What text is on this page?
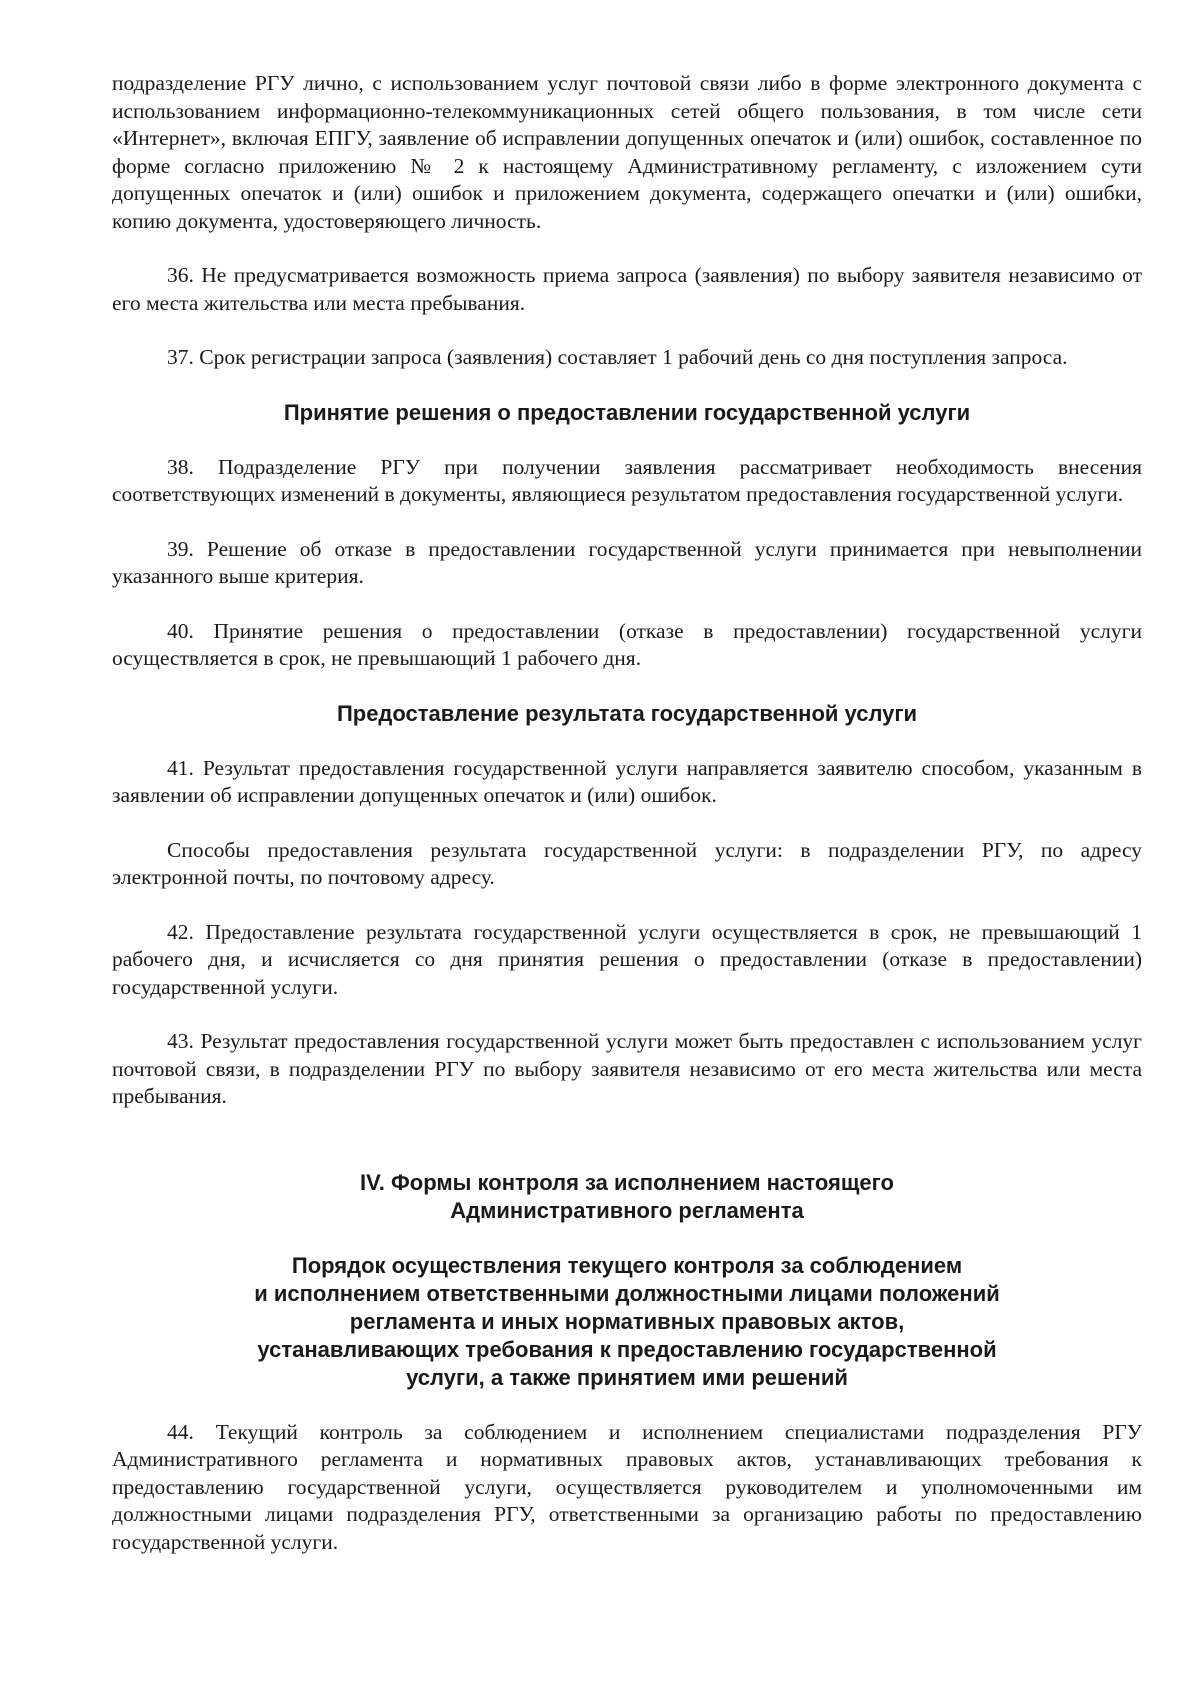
подразделение РГУ лично, с использованием услуг почтовой связи либо в форме электронного документа с использованием информационно-телекоммуникационных сетей общего пользования, в том числе сети «Интернет», включая ЕПГУ, заявление об исправлении допущенных опечаток и (или) ошибок, составленное по форме согласно приложению № 2 к настоящему Административному регламенту, с изложением сути допущенных опечаток и (или) ошибок и приложением документа, содержащего опечатки и (или) ошибки, копию документа, удостоверяющего личность.

36. Не предусматривается возможность приема запроса (заявления) по выбору заявителя независимо от его места жительства или места пребывания.

37. Срок регистрации запроса (заявления) составляет 1 рабочий день со дня поступления запроса.

Принятие решения о предоставлении государственной услуги

38. Подразделение РГУ при получении заявления рассматривает необходимость внесения соответствующих изменений в документы, являющиеся результатом предоставления государственной услуги.

39. Решение об отказе в предоставлении государственной услуги принимается при невыполнении указанного выше критерия.

40. Принятие решения о предоставлении (отказе в предоставлении) государственной услуги осуществляется в срок, не превышающий 1 рабочего дня.

Предоставление результата государственной услуги

41. Результат предоставления государственной услуги направляется заявителю способом, указанным в заявлении об исправлении допущенных опечаток и (или) ошибок.

Способы предоставления результата государственной услуги: в подразделении РГУ, по адресу электронной почты, по почтовому адресу.

42. Предоставление результата государственной услуги осуществляется в срок, не превышающий 1 рабочего дня, и исчисляется со дня принятия решения о предоставлении (отказе в предоставлении) государственной услуги.

43. Результат предоставления государственной услуги может быть предоставлен с использованием услуг почтовой связи, в подразделении РГУ по выбору заявителя независимо от его места жительства или места пребывания.

IV. Формы контроля за исполнением настоящего
Административного регламента
Порядок осуществления текущего контроля за соблюдением
и исполнением ответственными должностными лицами положений
регламента и иных нормативных правовых актов,
устанавливающих требования к предоставлению государственной
услуги, а также принятием ими решений

44. Текущий контроль за соблюдением и исполнением специалистами подразделения РГУ Административного регламента и нормативных правовых актов, устанавливающих требования к предоставлению государственной услуги, осуществляется руководителем и уполномоченными им должностными лицами подразделения РГУ, ответственными за организацию работы по предоставлению государственной услуги.
